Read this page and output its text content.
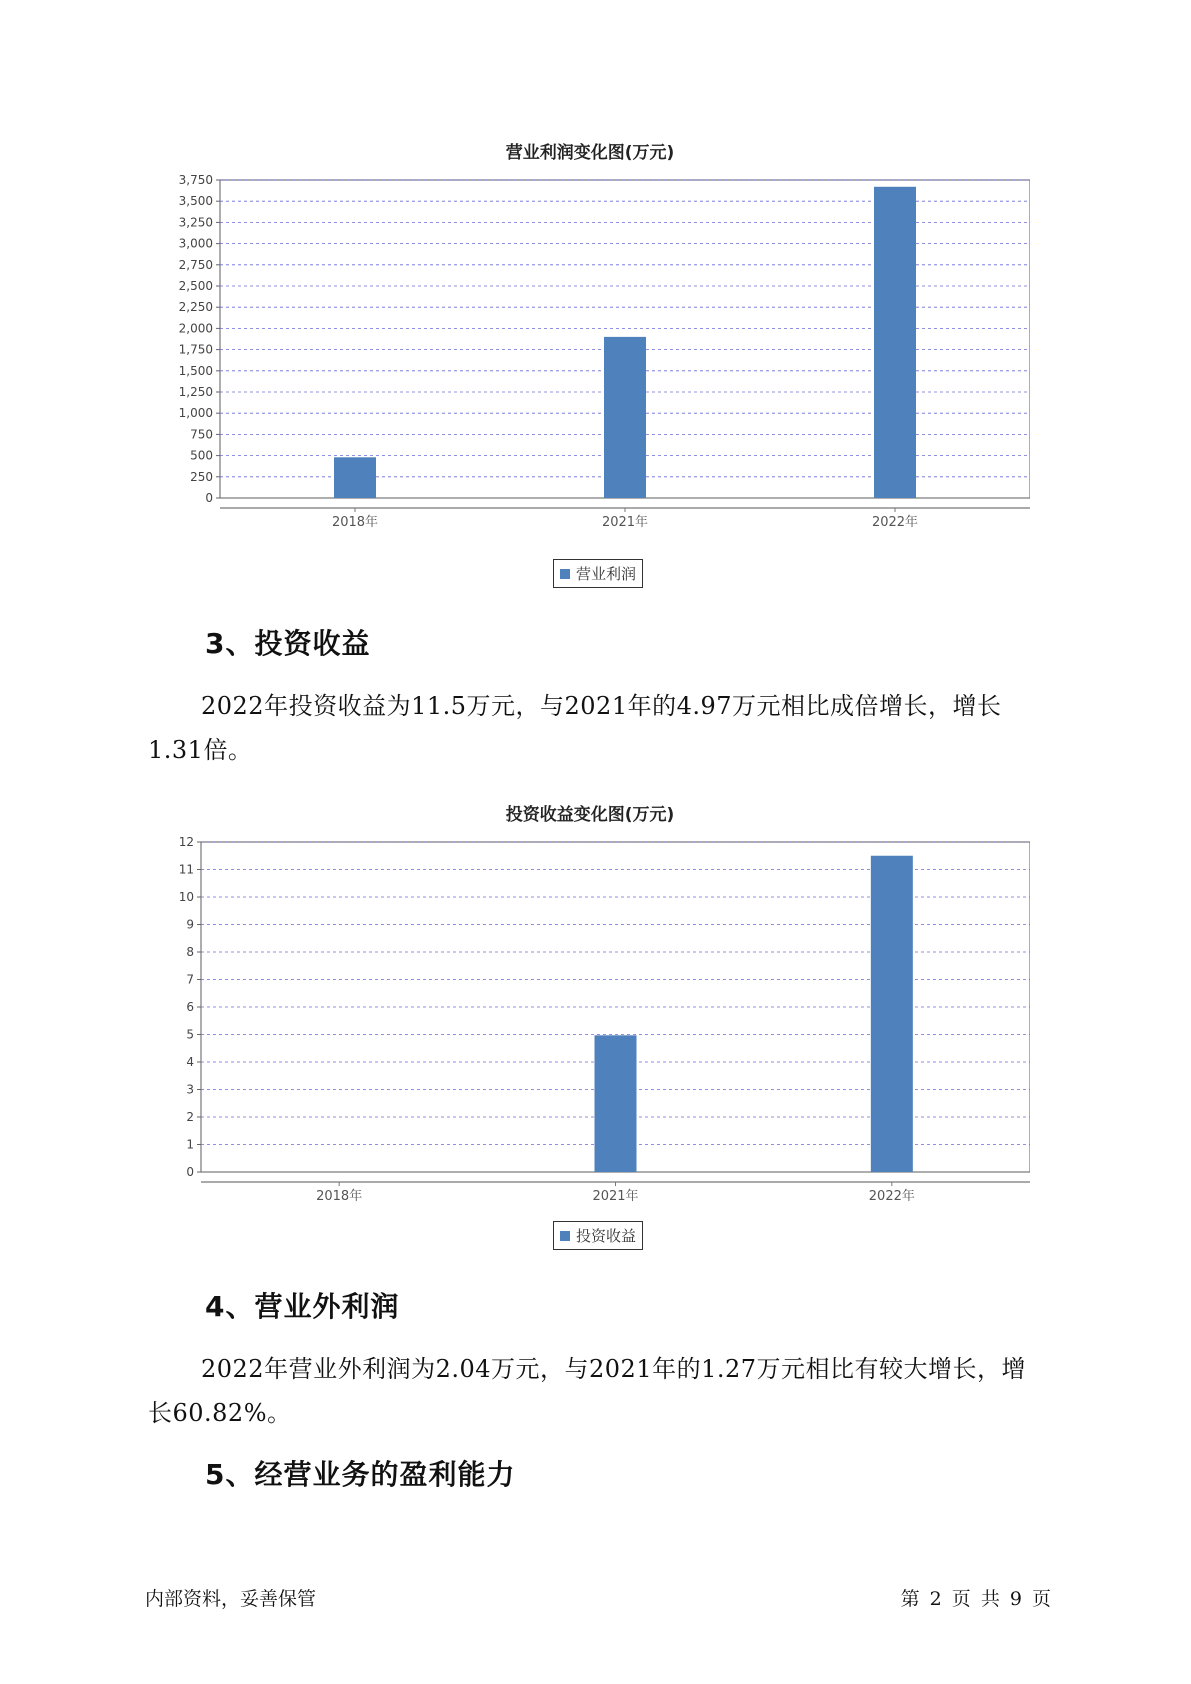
营业利润变化图(万元)
0
250
500
750
1,000
1,250
1,500
1,750
2,000
2,250
2,500
2,750
3,000
3,250
3,500
3,750
2018年	2021年	2022年
营业利润
3、投资收益
2022年投资收益为11.5万元，与2021年的4.97万元相比成倍增长，增长1.31倍。
投资收益变化图(万元)
0
1
2
3
4
5
6
7
8
9
10
11
12
2018年	2021年	2022年
投资收益
4、营业外利润
2022年营业外利润为2.04万元，与2021年的1.27万元相比有较大增长，增长60.82%。
5、经营业务的盈利能力
内部资料，妥善保管	第 2 页 共 9 页
